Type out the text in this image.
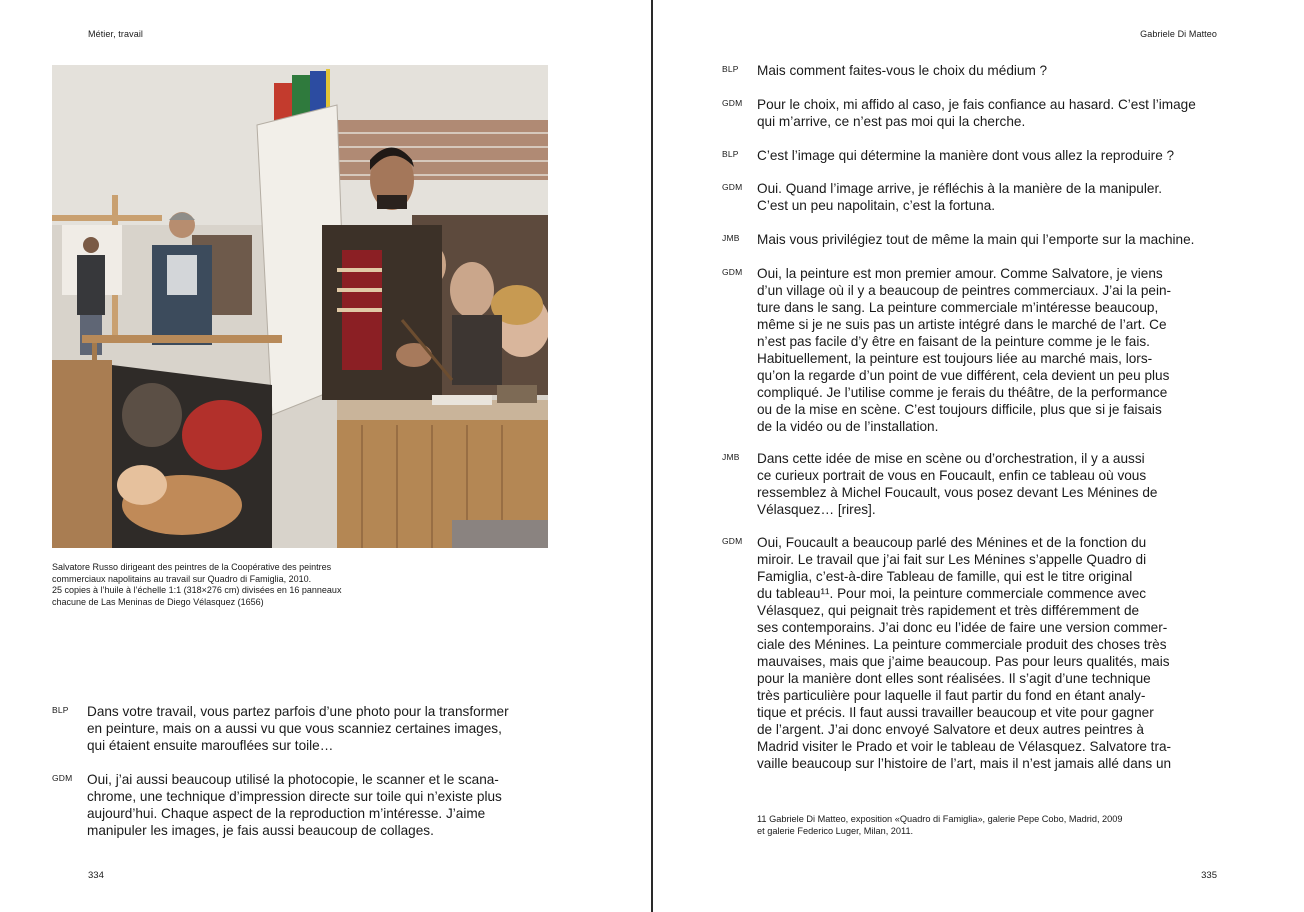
Métier, travail
Salvatore Russo dirigeant des peintres de la Coopérative des peintres
commerciaux napolitains au travail sur Quadro di Famiglia, 2010.
25 copies à l’huile à l’échelle 1:1 (318×276 cm) divisées en 16 panneaux
chacune de Las Meninas de Diego Vélasquez (1656)
BLP Dans votre travail, vous partez parfois d’une photo pour la transformer
en peinture, mais on a aussi vu que vous scanniez certaines images,
qui étaient ensuite marouflées sur toile…
GDM Oui, j’ai aussi beaucoup utilisé la photocopie, le scanner et le scana-
chrome, une technique d’impression directe sur toile qui n’existe plus
aujourd’hui. Chaque aspect de la reproduction m’intéresse. J’aime
manipuler les images, je fais aussi beaucoup de collages.
334
Gabriele Di Matteo
BLP Mais comment faites-vous le choix du médium ?
GDM Pour le choix, mi affido al caso, je fais confiance au hasard. C’est l’image
qui m’arrive, ce n’est pas moi qui la cherche.
BLP C’est l’image qui détermine la manière dont vous allez la reproduire ?
GDM Oui. Quand l’image arrive, je réfléchis à la manière de la manipuler.
C’est un peu napolitain, c’est la fortuna.
JMB Mais vous privilégiez tout de même la main qui l’emporte sur la machine.
GDM Oui, la peinture est mon premier amour. Comme Salvatore, je viens
d’un village où il y a beaucoup de peintres commerciaux. J’ai la pein-
ture dans le sang. La peinture commerciale m’intéresse beaucoup,
même si je ne suis pas un artiste intégré dans le marché de l’art. Ce
n’est pas facile d’y être en faisant de la peinture comme je le fais.
Habituellement, la peinture est toujours liée au marché mais, lors-
qu’on la regarde d’un point de vue différent, cela devient un peu plus
compliqué. Je l’utilise comme je ferais du théâtre, de la performance
ou de la mise en scène. C’est toujours difficile, plus que si je faisais
de la vidéo ou de l’installation.
JMB Dans cette idée de mise en scène ou d’orchestration, il y a aussi
ce curieux portrait de vous en Foucault, enfin ce tableau où vous
ressemblez à Michel Foucault, vous posez devant Les Ménines de
Vélasquez… [rires].
GDM Oui, Foucault a beaucoup parlé des Ménines et de la fonction du
miroir. Le travail que j’ai fait sur Les Ménines s’appelle Quadro di
Famiglia, c’est-à-dire Tableau de famille, qui est le titre original
du tableau¹¹. Pour moi, la peinture commerciale commence avec
Vélasquez, qui peignait très rapidement et très différemment de
ses contemporains. J’ai donc eu l’idée de faire une version commer-
ciale des Ménines. La peinture commerciale produit des choses très
mauvaises, mais que j’aime beaucoup. Pas pour leurs qualités, mais
pour la manière dont elles sont réalisées. Il s’agit d’une technique
très particulière pour laquelle il faut partir du fond en étant analy-
tique et précis. Il faut aussi travailler beaucoup et vite pour gagner
de l’argent. J’ai donc envoyé Salvatore et deux autres peintres à
Madrid visiter le Prado et voir le tableau de Vélasquez. Salvatore tra-
vaille beaucoup sur l’histoire de l’art, mais il n’est jamais allé dans un
11 Gabriele Di Matteo, exposition «Quadro di Famiglia», galerie Pepe Cobo, Madrid, 2009
et galerie Federico Luger, Milan, 2011.
335
